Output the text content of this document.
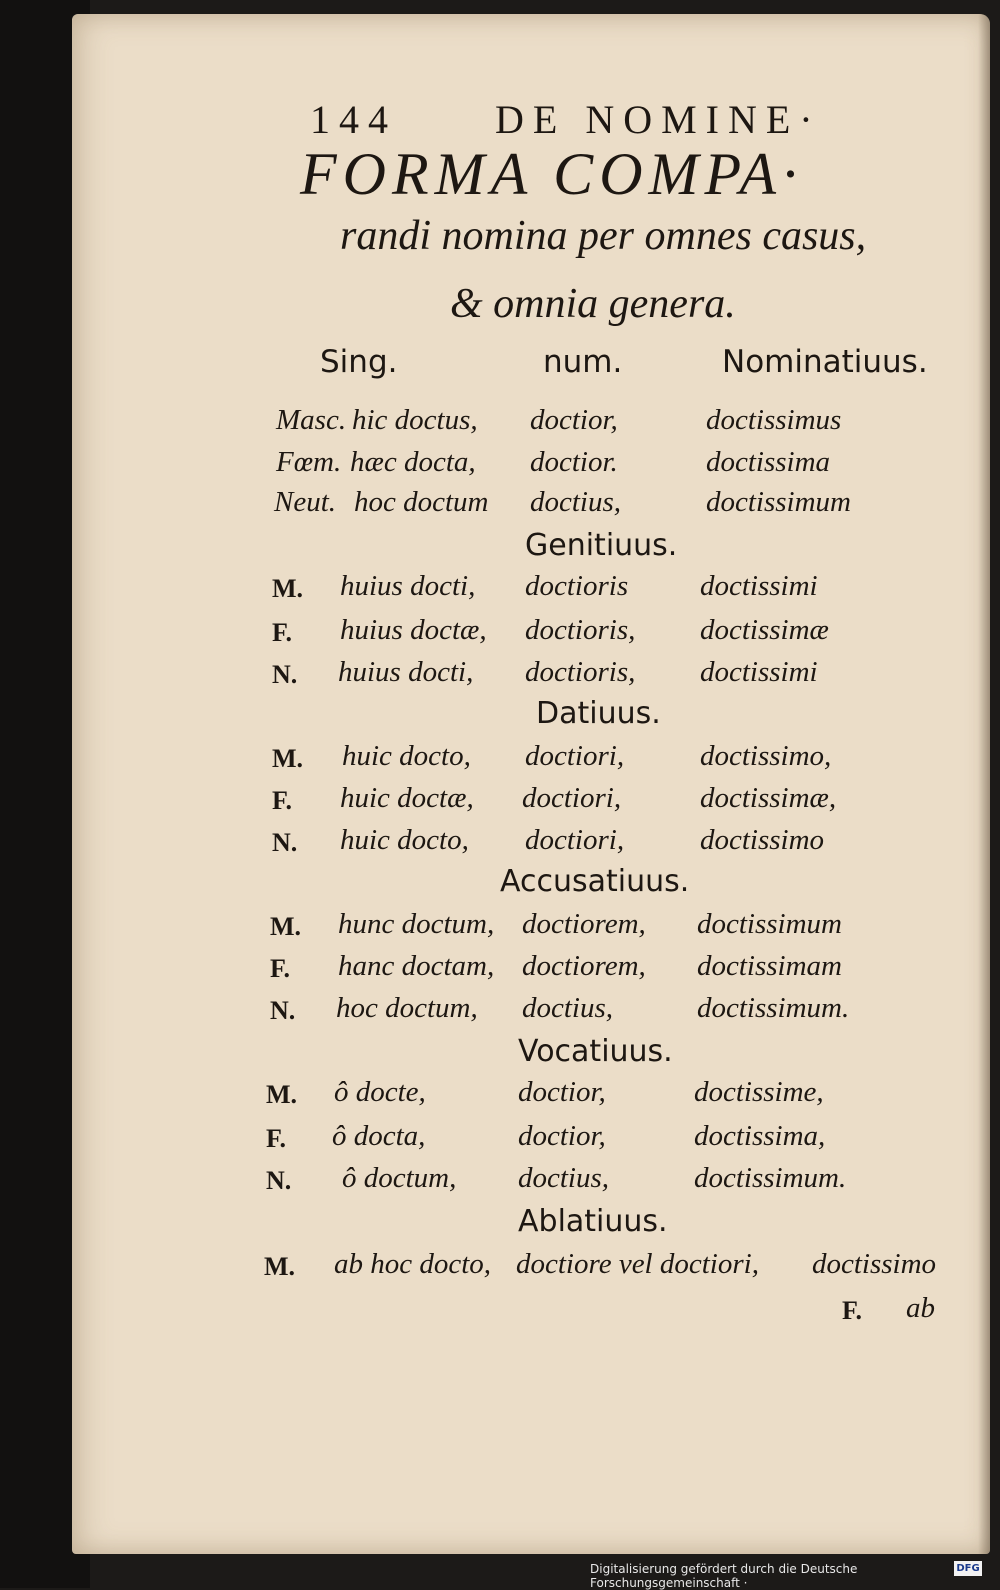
144 DE NOMINE·
FORMA COMPA·
randi nomina per omnes casus,
& omnia genera.
Sing.	num.	Nominatiuus.
Masc. hic doctus, doctior,	doctissimus
Fœm. hæc docta, doctior.	doctissima
Neut. hoc doctum doctius,	doctissimum
Genitiuus.
M. huius docti, doctioris doctissimi
F. huius doctæ, doctioris, doctissimæ
N. huius docti, doctioris, doctissimi
Datiuus.
M. huic docto, doctiori,	doctissimo,
F. huic doctæ, doctiori,	doctissimæ,
N. huic docto, doctiori,	doctissimo
Accusatiuus.
M. hunc doctum, doctiorem, doctissimum
F. hanc doctam, doctiorem, doctissimam
N. hoc doctum, doctius,	doctissimum.
Vocatiuus.
M. ô docte,	doctior,	doctissime,
F. ô docta,	doctior,	doctissima,
N. ô doctum, doctius,	doctissimum.
Ablatiuus.
M. ab hoc docto, doctiore vel doctiori, doctissimo
F. ab
Digitalisierung gefördert durch die Deutsche Forschungsgemeinschaft ·
DFG
